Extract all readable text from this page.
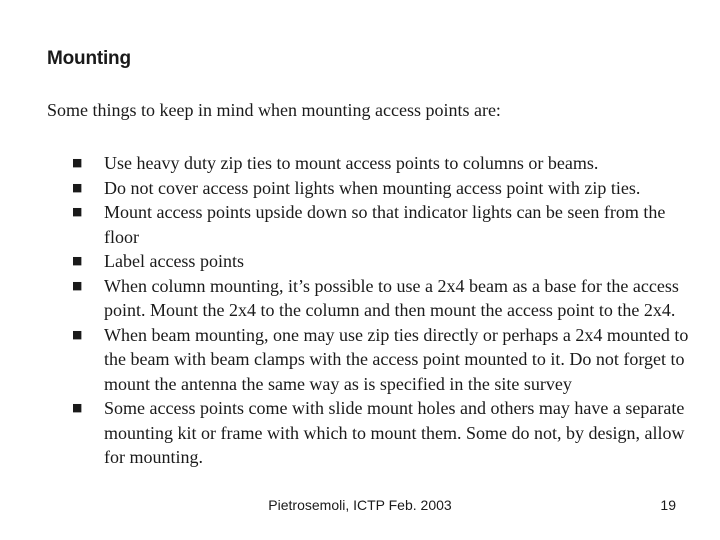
Mounting

Some things to keep in mind when mounting access points are:

■ Use heavy duty zip ties to mount access points to columns or beams.
■ Do not cover access point lights when mounting access point with zip ties.
■ Mount access points upside down so that indicator lights can be seen from the floor
■ Label access points
■ When column mounting, it’s possible to use a 2x4 beam as a base for the access point. Mount the 2x4 to the column and then mount the access point to the 2x4.
■ When beam mounting, one may use zip ties directly or perhaps a 2x4 mounted to the beam with beam clamps with the access point mounted to it. Do not forget to mount the antenna the same way as is specified in the site survey
■ Some access points come with slide mount holes and others may have a separate mounting kit or frame with which to mount them. Some do not, by design, allow for mounting.

Pietrosemoli, ICTP Feb. 2003	19
